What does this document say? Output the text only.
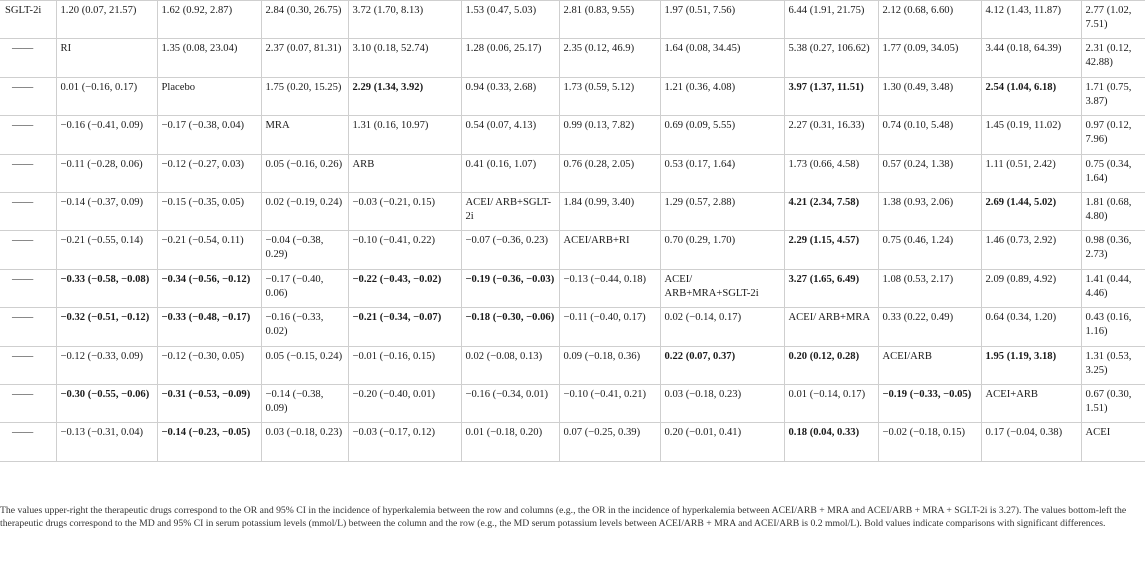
SGLT-2i	1.20 (0.07, 21.57)	1.62 (0.92, 2.87)	2.84 (0.30, 26.75)	3.72 (1.70, 8.13)	1.53 (0.47, 5.03)	2.81 (0.83, 9.55)	1.97 (0.51, 7.56)	6.44 (1.91, 21.75)	2.12 (0.68, 6.60)	4.12 (1.43, 11.87)	2.77 (1.02, 7.51)
——	RI	1.35 (0.08, 23.04)	2.37 (0.07, 81.31)	3.10 (0.18, 52.74)	1.28 (0.06, 25.17)	2.35 (0.12, 46.9)	1.64 (0.08, 34.45)	5.38 (0.27, 106.62)	1.77 (0.09, 34.05)	3.44 (0.18, 64.39)	2.31 (0.12, 42.88)
——	0.01 (−0.16, 0.17)	Placebo	1.75 (0.20, 15.25)	2.29 (1.34, 3.92)	0.94 (0.33, 2.68)	1.73 (0.59, 5.12)	1.21 (0.36, 4.08)	3.97 (1.37, 11.51)	1.30 (0.49, 3.48)	2.54 (1.04, 6.18)	1.71 (0.75, 3.87)
——	−0.16 (−0.41, 0.09)	−0.17 (−0.38, 0.04)	MRA	1.31 (0.16, 10.97)	0.54 (0.07, 4.13)	0.99 (0.13, 7.82)	0.69 (0.09, 5.55)	2.27 (0.31, 16.33)	0.74 (0.10, 5.48)	1.45 (0.19, 11.02)	0.97 (0.12, 7.96)
——	−0.11 (−0.28, 0.06)	−0.12 (−0.27, 0.03)	0.05 (−0.16, 0.26)	ARB	0.41 (0.16, 1.07)	0.76 (0.28, 2.05)	0.53 (0.17, 1.64)	1.73 (0.66, 4.58)	0.57 (0.24, 1.38)	1.11 (0.51, 2.42)	0.75 (0.34, 1.64)
——	−0.14 (−0.37, 0.09)	−0.15 (−0.35, 0.05)	0.02 (−0.19, 0.24)	−0.03 (−0.21, 0.15)	ACEI/ ARB+SGLT-2i	1.84 (0.99, 3.40)	1.29 (0.57, 2.88)	4.21 (2.34, 7.58)	1.38 (0.93, 2.06)	2.69 (1.44, 5.02)	1.81 (0.68, 4.80)
——	−0.21 (−0.55, 0.14)	−0.21 (−0.54, 0.11)	−0.04 (−0.38, 0.29)	−0.10 (−0.41, 0.22)	−0.07 (−0.36, 0.23)	ACEI/ARB+RI	0.70 (0.29, 1.70)	2.29 (1.15, 4.57)	0.75 (0.46, 1.24)	1.46 (0.73, 2.92)	0.98 (0.36, 2.73)
——	−0.33 (−0.58, −0.08)	−0.34 (−0.56, −0.12)	−0.17 (−0.40, 0.06)	−0.22 (−0.43, −0.02)	−0.19 (−0.36, −0.03)	−0.13 (−0.44, 0.18)	ACEI/ ARB+MRA+SGLT-2i	3.27 (1.65, 6.49)	1.08 (0.53, 2.17)	2.09 (0.89, 4.92)	1.41 (0.44, 4.46)
——	−0.32 (−0.51, −0.12)	−0.33 (−0.48, −0.17)	−0.16 (−0.33, 0.02)	−0.21 (−0.34, −0.07)	−0.18 (−0.30, −0.06)	−0.11 (−0.40, 0.17)	0.02 (−0.14, 0.17)	ACEI/ ARB+MRA	0.33 (0.22, 0.49)	0.64 (0.34, 1.20)	0.43 (0.16, 1.16)
——	−0.12 (−0.33, 0.09)	−0.12 (−0.30, 0.05)	0.05 (−0.15, 0.24)	−0.01 (−0.16, 0.15)	0.02 (−0.08, 0.13)	0.09 (−0.18, 0.36)	0.22 (0.07, 0.37)	0.20 (0.12, 0.28)	ACEI/ARB	1.95 (1.19, 3.18)	1.31 (0.53, 3.25)
——	−0.30 (−0.55, −0.06)	−0.31 (−0.53, −0.09)	−0.14 (−0.38, 0.09)	−0.20 (−0.40, 0.01)	−0.16 (−0.34, 0.01)	−0.10 (−0.41, 0.21)	0.03 (−0.18, 0.23)	0.01 (−0.14, 0.17)	−0.19 (−0.33, −0.05)	ACEI+ARB	0.67 (0.30, 1.51)
——	−0.13 (−0.31, 0.04)	−0.14 (−0.23, −0.05)	0.03 (−0.18, 0.23)	−0.03 (−0.17, 0.12)	0.01 (−0.18, 0.20)	0.07 (−0.25, 0.39)	0.20 (−0.01, 0.41)	0.18 (0.04, 0.33)	−0.02 (−0.18, 0.15)	0.17 (−0.04, 0.38)	ACEI

The values upper-right the therapeutic drugs correspond to the OR and 95% CI in the incidence of hyperkalemia between the row and columns (e.g., the OR in the incidence of hyperkalemia between ACEI/ARB + MRA and ACEI/ARB + MRA + SGLT-2i is 3.27). The values bottom-left the therapeutic drugs correspond to the MD and 95% CI in serum potassium levels (mmol/L) between the column and the row (e.g., the MD serum potassium levels between ACEI/ARB + MRA and ACEI/ARB is 0.2 mmol/L). Bold values indicate comparisons with significant differences.
